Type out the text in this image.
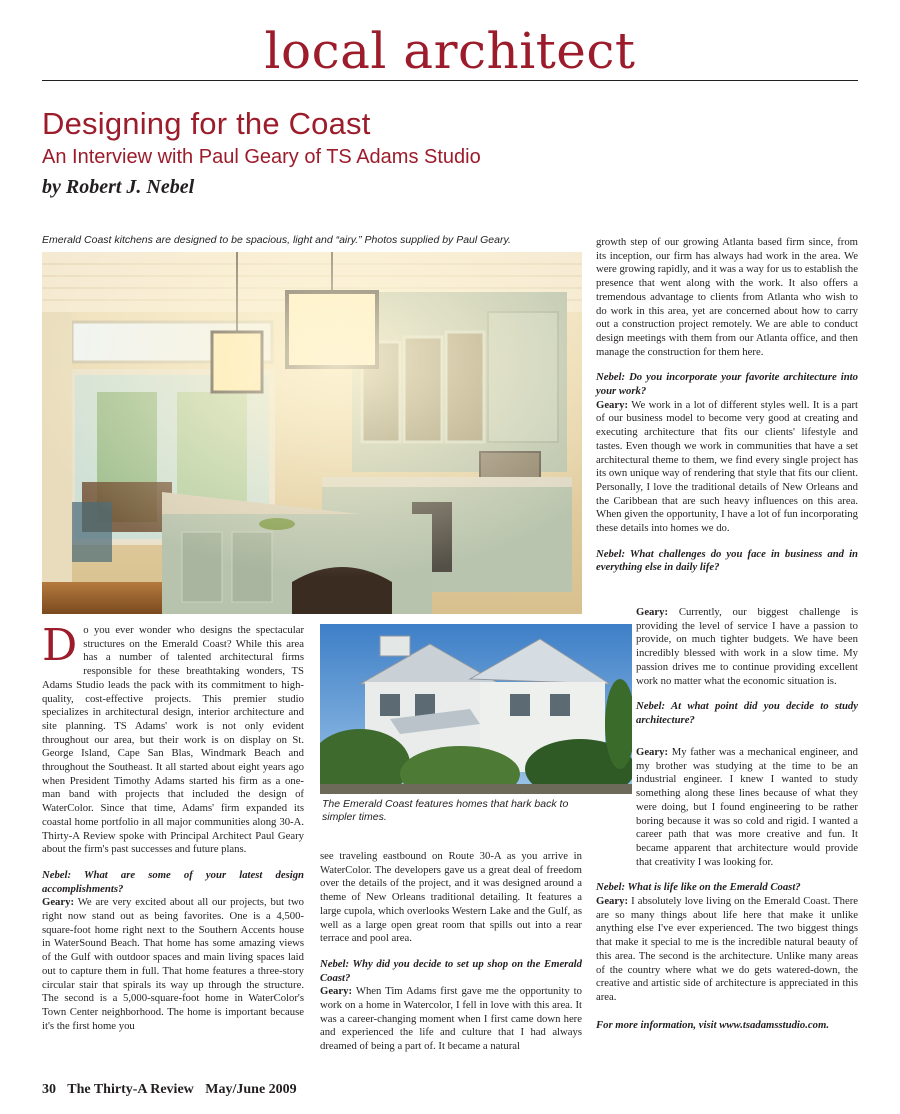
local architect
Designing for the Coast
An Interview with Paul Geary of TS Adams Studio
by Robert J. Nebel
Emerald Coast kitchens are designed to be spacious, light and “airy.” Photos supplied by Paul Geary.
The Emerald Coast features homes that hark back to simpler times.

Do you ever wonder who designs the spectacular structures on the Emerald Coast? While this area has a number of talented architectural firms responsible for these breathtaking wonders, TS Adams Studio leads the pack with its commitment to high-quality, cost-effective projects. This premier studio specializes in architectural design, interior architecture and site planning. TS Adams' work is not only evident throughout our area, but their work is on display on St. George Island, Cape San Blas, Windmark Beach and throughout the Southeast. It all started about eight years ago when President Timothy Adams started his firm as a one-man band with projects that included the design of WaterColor. Since that time, Adams' firm expanded its coastal home portfolio in all major communities along 30-A. Thirty-A Review spoke with Principal Architect Paul Geary about the firm's past successes and future plans.

Nebel: What are some of your latest design accomplishments?

Geary: We are very excited about all our projects, but two right now stand out as being favorites. One is a 4,500-square-foot home right next to the Southern Accents house in WaterSound Beach. That home has some amazing views of the Gulf with outdoor spaces and main living spaces laid out to capture them in full. That home features a three-story circular stair that spirals its way up through the structure. The second is a 5,000-square-foot home in WaterColor's Town Center neighborhood. The home is important because it's the first home you

see traveling eastbound on Route 30-A as you arrive in WaterColor. The developers gave us a great deal of freedom over the details of the project, and it was designed around a theme of New Orleans traditional detailing. It features a large cupola, which overlooks Western Lake and the Gulf, as well as a large open great room that spills out into a rear terrace and pool area.

Nebel: Why did you decide to set up shop on the Emerald Coast?

Geary: When Tim Adams first gave me the opportunity to work on a home in Watercolor, I fell in love with this area. It was a career-changing moment when I first came down here and experienced the life and culture that I had always dreamed of being a part of. It became a natural

growth step of our growing Atlanta based firm since, from its inception, our firm has always had work in the area. We were growing rapidly, and it was a way for us to establish the presence that went along with the work. It also offers a tremendous advantage to clients from Atlanta who wish to do work in this area, yet are concerned about how to carry out a construction project remotely. We are able to conduct design meetings with them from our Atlanta office, and then manage the construction for them here.

Nebel: Do you incorporate your favorite architecture into your work?

Geary: We work in a lot of different styles well. It is a part of our business model to become very good at creating and executing architecture that fits our clients' lifestyle and tastes. Even though we work in communities that have a set architectural theme to them, we find every single project has its own unique way of rendering that style that fits our client. Personally, I love the traditional details of New Orleans and the Caribbean that are such heavy influences on this area. When given the opportunity, I have a lot of fun incorporating these details into homes we do.

Nebel: What challenges do you face in business and in everything else in daily life?

Geary: Currently, our biggest challenge is providing the level of service I have a passion to provide, on much tighter budgets. We have been incredibly blessed with work in a slow time. My passion drives me to continue providing excellent work no matter what the economic situation is.

Nebel: At what point did you decide to study architecture?

Geary: My father was a mechanical engineer, and my brother was studying at the time to be an industrial engineer. I knew I wanted to study something along these lines because of what they were doing, but I found engineering to be rather boring because it was so cold and rigid. I wanted a career path that was more creative and fun. It became apparent that architecture would provide that creativity I was looking for.

Nebel: What is life like on the Emerald Coast?

Geary: I absolutely love living on the Emerald Coast. There are so many things about life here that make it unlike anything else I've ever experienced. The two biggest things that make it special to me is the incredible natural beauty of this area. The second is the architecture. Unlike many areas of the country where what we do gets watered-down, the creative and artistic side of architecture is appreciated in this area.

For more information, visit www.tsadamsstudio.com.

30 The Thirty-A Review May/June 2009
